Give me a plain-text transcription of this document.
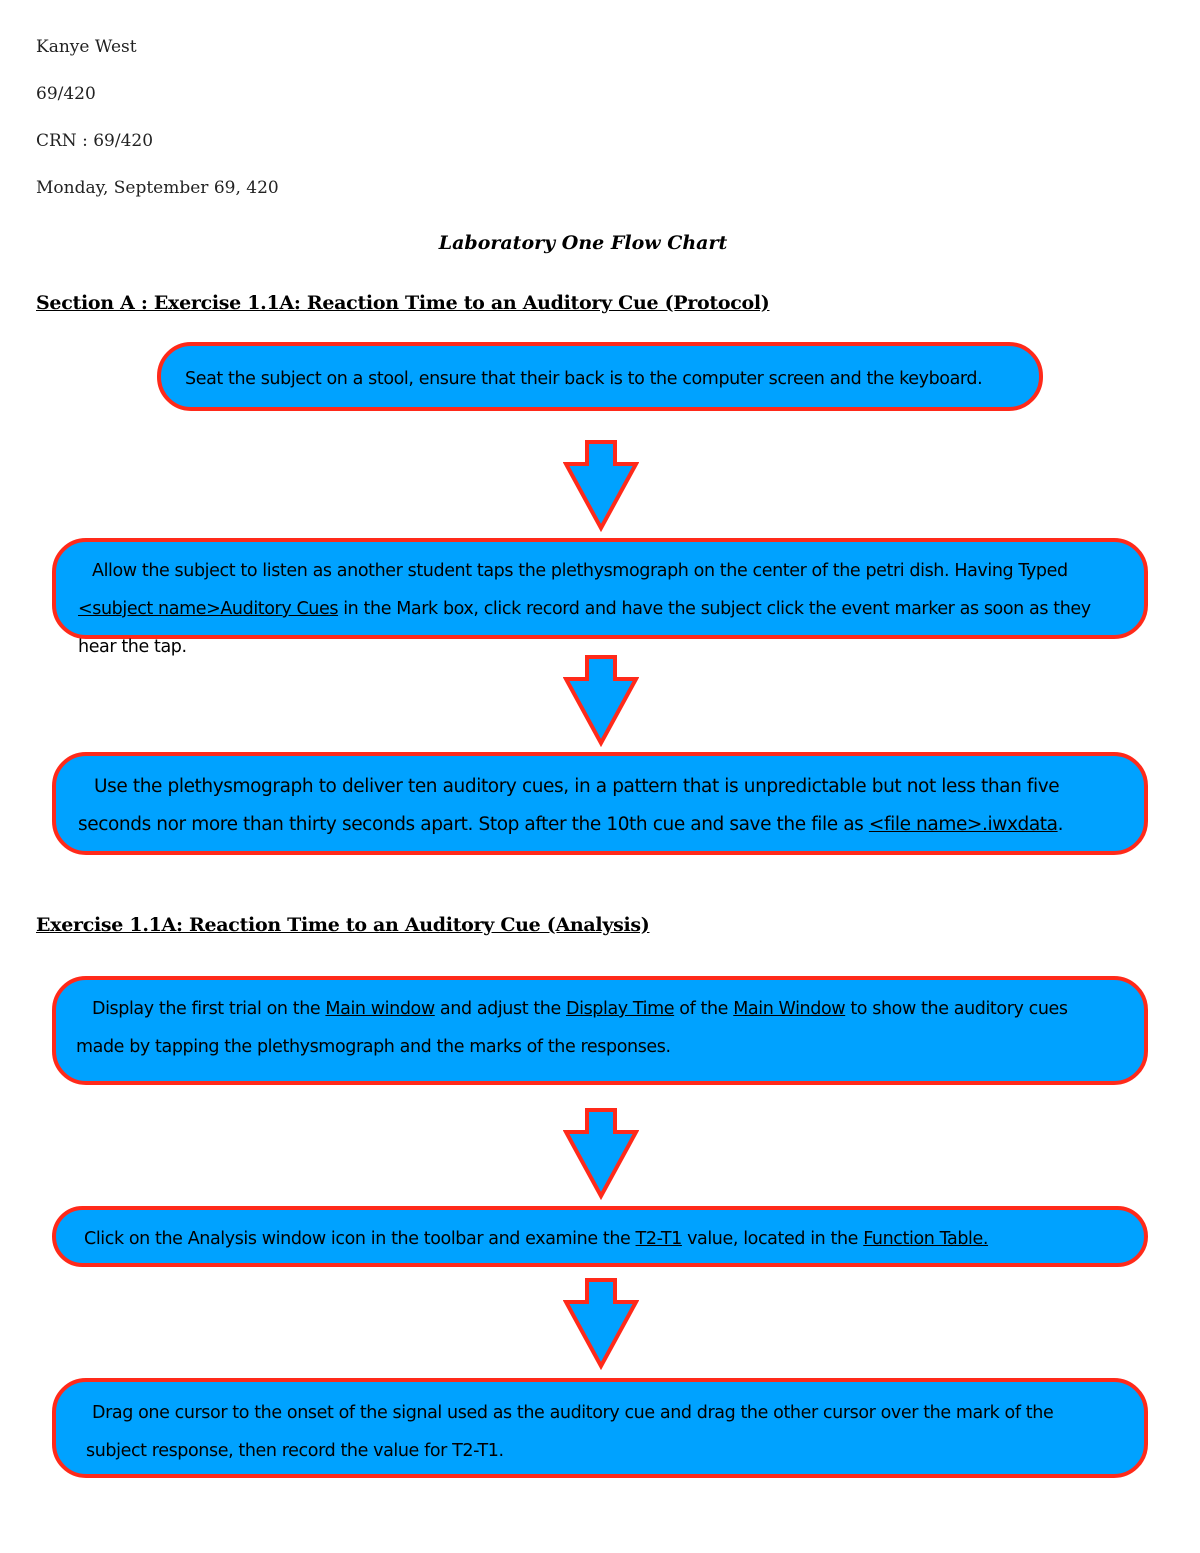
Kanye West
69/420
CRN : 69/420
Monday, September 69, 420
Laboratory One Flow Chart
Section A : Exercise 1.1A: Reaction Time to an Auditory Cue (Protocol)
Seat the subject on a stool, ensure that their back is to the computer screen and the keyboard.
Allow the subject to listen as another student taps the plethysmograph on the center of the petri dish. Having Typed <subject name>Auditory Cues in the Mark box, click record and have the subject click the event marker as soon as they hear the tap.
Use the plethysmograph to deliver ten auditory cues, in a pattern that is unpredictable but not less than five seconds nor more than thirty seconds apart. Stop after the 10th cue and save the file as <file name>.iwxdata.
Exercise 1.1A: Reaction Time to an Auditory Cue (Analysis)
Display the first trial on the Main window and adjust the Display Time of the Main Window to show the auditory cues made by tapping the plethysmograph and the marks of the responses.
Click on the Analysis window icon in the toolbar and examine the T2-T1 value, located in the Function Table.
Drag one cursor to the onset of the signal used as the auditory cue and drag the other cursor over the mark of the subject response, then record the value for T2-T1.
